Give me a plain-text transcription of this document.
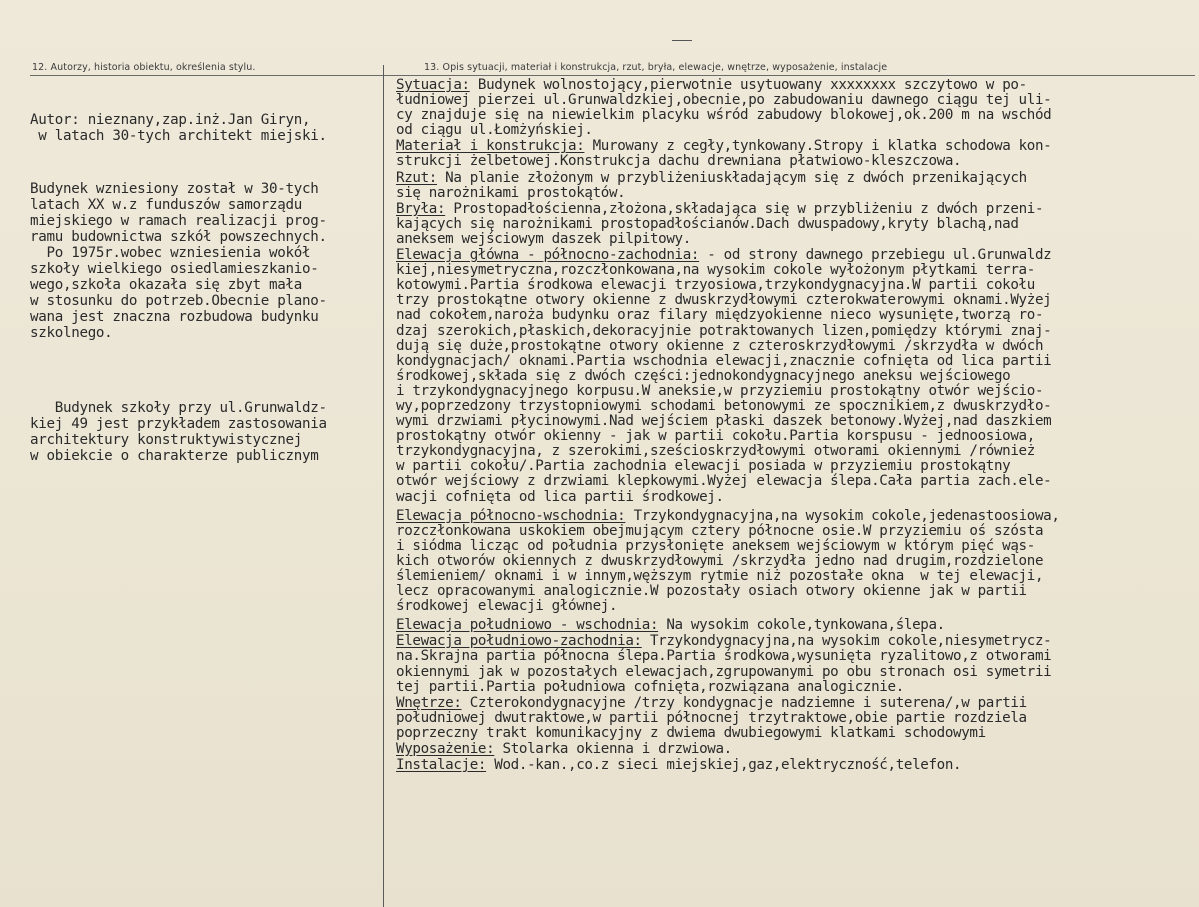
12. Autorzy, historia obiektu, określenia stylu.	13. Opis sytuacji, materiał i konstrukcja, rzut, bryła, elewacje, wnętrze, wyposażenie, instalacje

Autor: nieznany,zap.inż.Jan Giryn,
w latach 30-tych architekt miejski.

Budynek wzniesiony został w 30-tych
latach XX w.z funduszów samorządu
miejskiego w ramach realizacji prog-
ramu budownictwa szkół powszechnych.
Po 1975r.wobec wzniesienia wokół
szkoły wielkiego osiedlamieszkanio-
wego,szkoła okazała się zbyt mała
w stosunku do potrzeb.Obecnie plano-
wana jest znaczna rozbudowa budynku
szkolnego.

Budynek szkoły przy ul.Grunwaldz-
kiej 49 jest przykładem zastosowania
architektury konstruktywistycznej
w obiekcie o charakterze publicznym

Sytuacja: Budynek wolnostojący,pierwotnie usytuowany xxxxxxxx szczytowo w po-
łudniowej pierzei ul.Grunwaldzkiej,obecnie,po zabudowaniu dawnego ciągu tej uli-
cy znajduje się na niewielkim placyku wśród zabudowy blokowej,ok.200 m na wschód
od ciągu ul.Łomżyńskiej.
Materiał i konstrukcja: Murowany z cegły,tynkowany.Stropy i klatka schodowa kon-
strukcji żelbetowej.Konstrukcja dachu drewniana płatwiowo-kleszczowa.
Rzut: Na planie złożonym w przybliżeniuskładającym się z dwóch przenikających
się narożnikami prostokątów.
Bryła: Prostopadłościenna,złożona,składająca się w przybliżeniu z dwóch przeni-
kających się narożnikami prostopadłościanów.Dach dwuspadowy,kryty blachą,nad
aneksem wejściowym daszek pilpitowy.
Elewacja główna - północno-zachodnia: - od strony dawnego przebiegu ul.Grunwaldz
kiej,niesymetryczna,rozczłonkowana,na wysokim cokole wyłożonym płytkami terra-
kotowymi.Partia środkowa elewacji trzyosiowa,trzykondygnacyjna.W partii cokołu
trzy prostokątne otwory okienne z dwuskrzydłowymi czterokwaterowymi oknami.Wyżej
nad cokołem,naroża budynku oraz filary międzyokienne nieco wysunięte,tworzą ro-
dzaj szerokich,płaskich,dekoracyjnie potraktowanych lizen,pomiędzy którymi znaj-
dują się duże,prostokątne otwory okienne z czteroskrzydłowymi /skrzydła w dwóch
kondygnacjach/ oknami.Partia wschodnia elewacji,znacznie cofnięta od lica partii
środkowej,składa się z dwóch części:jednokondygnacyjnego aneksu wejściowego
i trzykondygnacyjnego korpusu.W aneksie,w przyziemiu prostokątny otwór wejścio-
wy,poprzedzony trzystopniowymi schodami betonowymi ze spocznikiem,z dwuskrzydło-
wymi drzwiami płycinowymi.Nad wejściem płaski daszek betonowy.Wyżej,nad daszkiem
prostokątny otwór okienny - jak w partii cokołu.Partia korspusu - jednoosiowa,
trzykondygnacyjna, z szerokimi,sześcioskrzydłowymi otworami okiennymi /również
w partii cokołu/.Partia zachodnia elewacji posiada w przyziemiu prostokątny
otwór wejściowy z drzwiami klepkowymi.Wyżej elewacja ślepa.Cała partia zach.ele-
wacji cofnięta od lica partii środkowej.
Elewacja północno-wschodnia: Trzykondygnacyjna,na wysokim cokole,jedenastoosiowa,
rozczłonkowana uskokiem obejmującym cztery północne osie.W przyziemiu oś szósta
i siódma licząc od południa przysłonięte aneksem wejściowym w którym pięć wąs-
kich otworów okiennych z dwuskrzydłowymi /skrzydła jedno nad drugim,rozdzielone
ślemieniem/ oknami i w innym,węższym rytmie niż pozostałe okna  w tej elewacji,
lecz opracowanymi analogicznie.W pozostały osiach otwory okienne jak w partii
środkowej elewacji głównej.
Elewacja południowo - wschodnia: Na wysokim cokole,tynkowana,ślepa.
Elewacja południowo-zachodnia: Trzykondygnacyjna,na wysokim cokole,niesymetrycz-
na.Skrajna partia północna ślepa.Partia środkowa,wysunięta ryzalitowo,z otworami
okiennymi jak w pozostałych elewacjach,zgrupowanymi po obu stronach osi symetrii
tej partii.Partia południowa cofnięta,rozwiązana analogicznie.
Wnętrze: Czterokondygnacyjne /trzy kondygnacje nadziemne i suterena/,w partii
południowej dwutraktowe,w partii północnej trzytraktowe,obie partie rozdziela
poprzeczny trakt komunikacyjny z dwiema dwubiegowymi klatkami schodowymi
Wyposażenie: Stolarka okienna i drzwiowa.
Instalacje: Wod.-kan.,co.z sieci miejskiej,gaz,elektryczność,telefon.
